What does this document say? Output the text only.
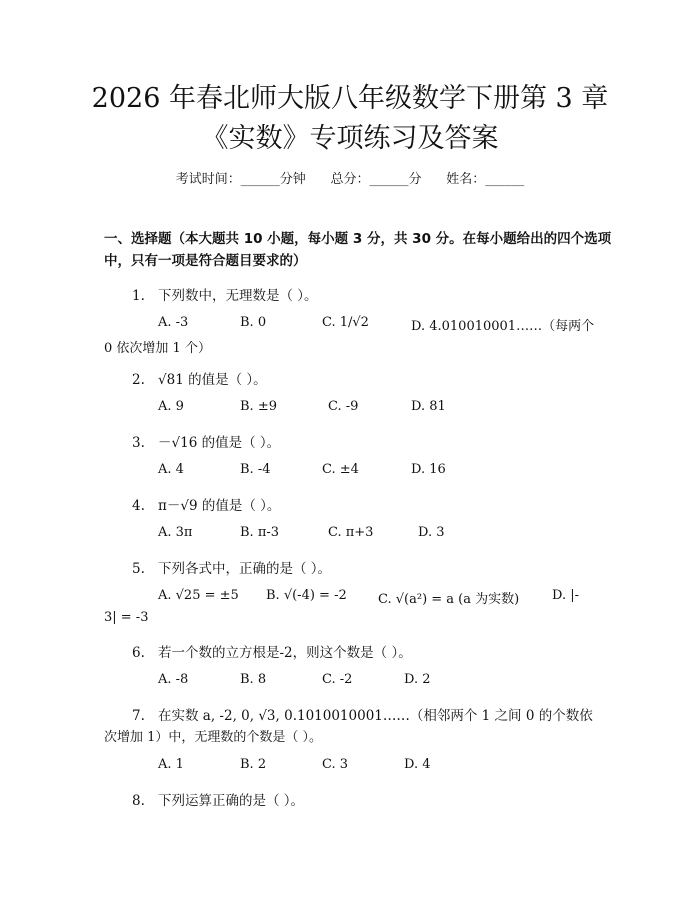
2026 年春北师大版八年级数学下册第 3 章
《实数》专项练习及答案
考试时间：______分钟      总分：______分      姓名：______
一、选择题（本大题共 10 小题，每小题 3 分，共 30 分。在每小题给出的四个选项中，只有一项是符合题目要求的）
1. 下列数中，无理数是（ ）。
A. -3	B. 0	C. 1/√2	D. 4.010010001……（每两个
0 依次增加 1 个）
2. √81 的值是（ ）。
A. 9	B. ±9	C. -9	D. 81
3. －√16 的值是（ ）。
A. 4	B. -4	C. ±4	D. 16
4. π－√9 的值是（ ）。
A. 3π	B. π-3	C. π+3	D. 3
5. 下列各式中，正确的是（ ）。
A. √25 = ±5 B. √(-4) = -2 C. √(a²) = a (a 为实数)	D. |-
3| = -3
6. 若一个数的立方根是-2，则这个数是（ ）。
A. -8	B. 8	C. -2	D. 2
7. 在实数 a, -2, 0, √3, 0.1010010001……（相邻两个 1 之间 0 的个数依
次增加 1）中，无理数的个数是（ ）。
A. 1	B. 2	C. 3	D. 4
8. 下列运算正确的是（ ）。
